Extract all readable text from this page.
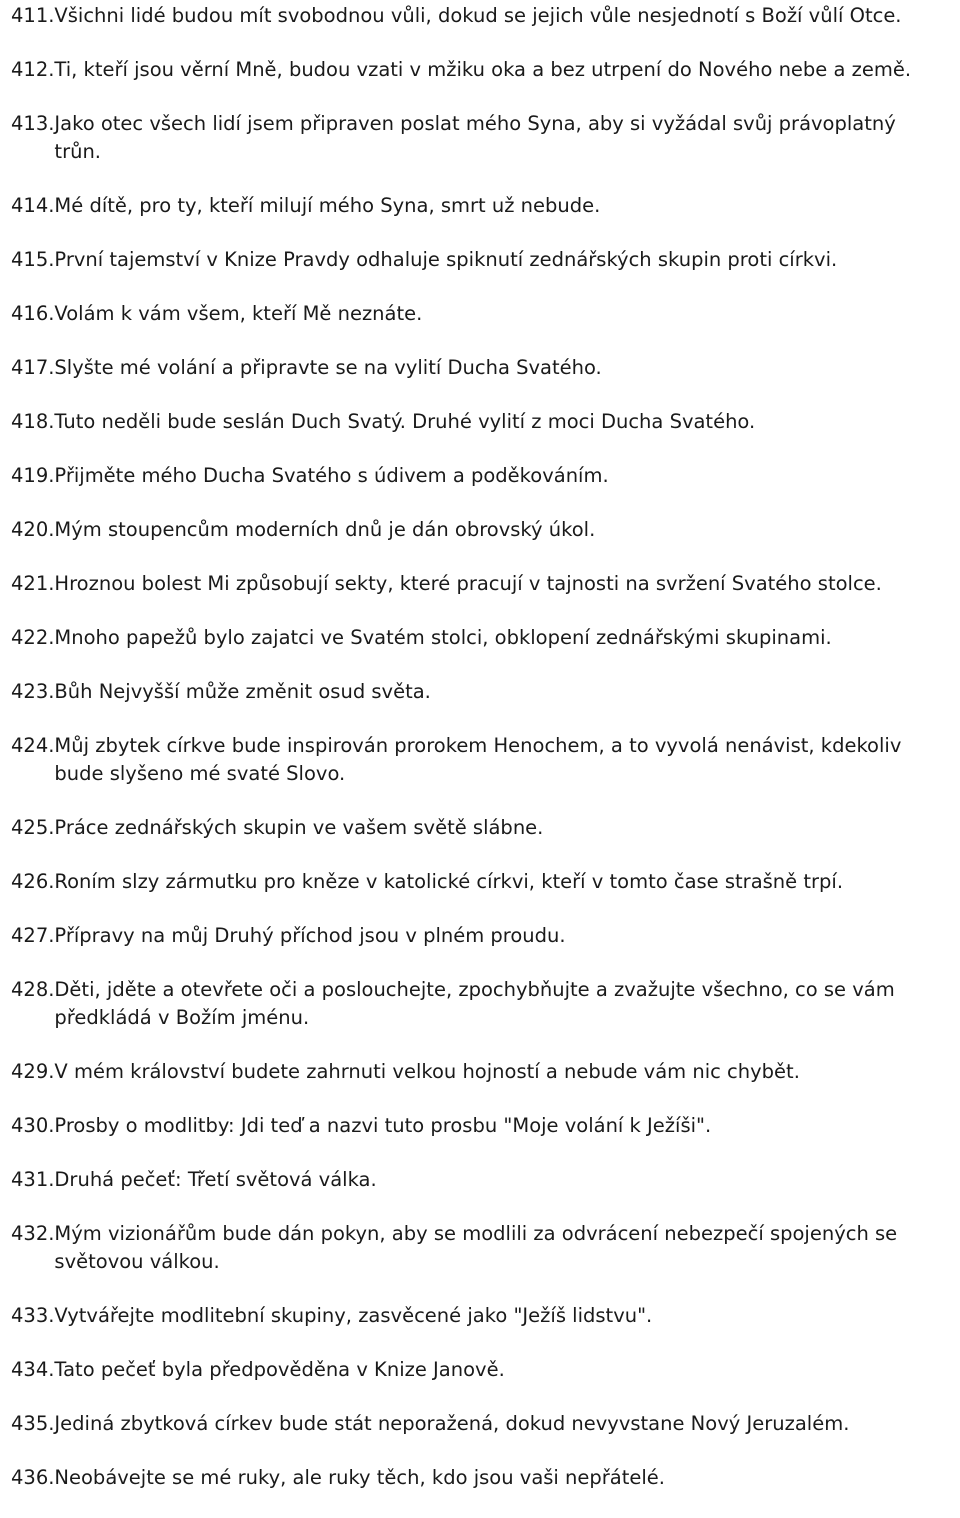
411. Všichni lidé budou mít svobodnou vůli, dokud se jejich vůle nesjednotí s Boží vůlí Otce.
412. Ti, kteří jsou věrní Mně, budou vzati v mžiku oka a bez utrpení do Nového nebe a země.
413. Jako otec všech lidí jsem připraven poslat mého Syna, aby si vyžádal svůj právoplatný trůn.
414. Mé dítě, pro ty, kteří milují mého Syna, smrt už nebude.
415. První tajemství v Knize Pravdy odhaluje spiknutí zednářských skupin proti církvi.
416. Volám k vám všem, kteří Mě neznáte.
417. Slyšte mé volání a připravte se na vylití Ducha Svatého.
418. Tuto neděli bude seslán Duch Svatý. Druhé vylití z moci Ducha Svatého.
419. Přijměte mého Ducha Svatého s údivem a poděkováním.
420. Mým stoupencům moderních dnů je dán obrovský úkol.
421. Hroznou bolest Mi způsobují sekty, které pracují v tajnosti na svržení Svatého stolce.
422. Mnoho papežů bylo zajatci ve Svatém stolci, obklopení zednářskými skupinami.
423. Bůh Nejvyšší může změnit osud světa.
424. Můj zbytek církve bude inspirován prorokem Henochem, a to vyvolá nenávist, kdekoliv bude slyšeno mé svaté Slovo.
425. Práce zednářských skupin ve vašem světě slábne.
426. Roním slzy zármutku pro kněze v katolické církvi, kteří v tomto čase strašně trpí.
427. Přípravy na můj Druhý příchod jsou v plném proudu.
428. Děti, jděte a otevřete oči a poslouchejte, zpochybňujte a zvažujte všechno, co se vám předkládá v Božím jménu.
429. V mém království budete zahrnuti velkou hojností a nebude vám nic chybět.
430. Prosby o modlitby: Jdi teď a nazvi tuto prosbu "Moje volání k Ježíši".
431. Druhá pečeť: Třetí světová válka.
432. Mým vizionářům bude dán pokyn, aby se modlili za odvrácení nebezpečí spojených se světovou válkou.
433. Vytvářejte modlitební skupiny, zasvěcené jako "Ježíš lidstvu".
434. Tato pečeť byla předpověděna v Knize Janově.
435. Jediná zbytková církev bude stát neporažená, dokud nevyvstane Nový Jeruzalém.
436. Neobávejte se mé ruky, ale ruky těch, kdo jsou vaši nepřátelé.
